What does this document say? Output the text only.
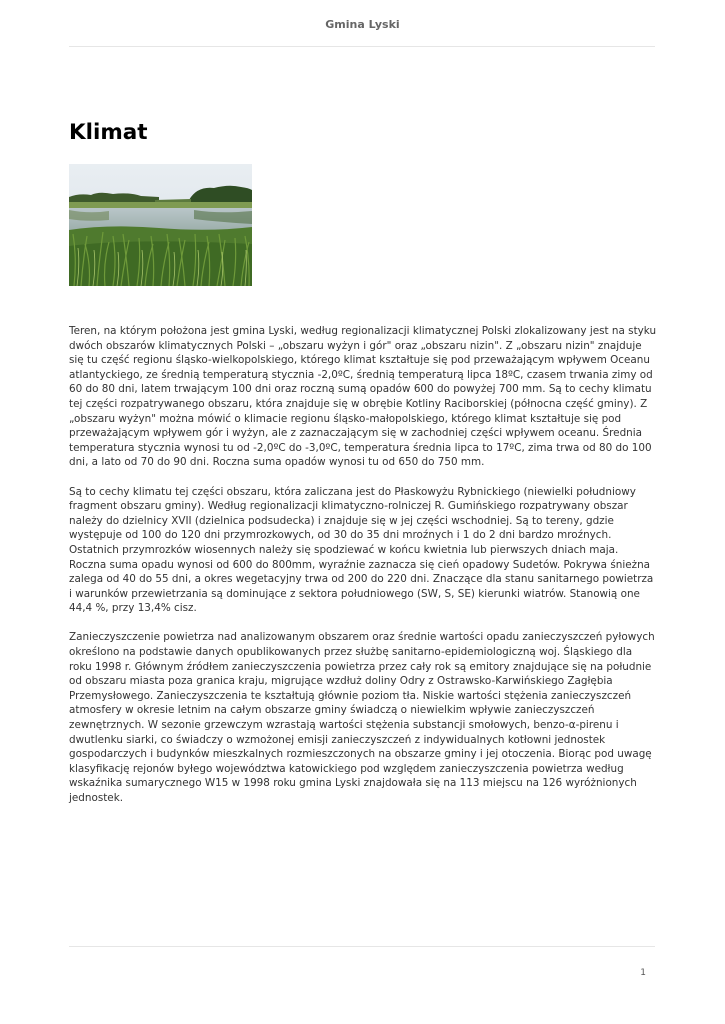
Gmina Lyski
Klimat

Teren, na którym położona jest gmina Lyski, według regionalizacji klimatycznej Polski zlokalizowany jest na styku dwóch obszarów klimatycznych Polski – „obszaru wyżyn i gór" oraz „obszaru nizin". Z „obszaru nizin" znajduje się tu część regionu śląsko-wielkopolskiego, którego klimat kształtuje się pod przeważającym wpływem Oceanu atlantyckiego, ze średnią temperaturą stycznia -2,0ºC, średnią temperaturą lipca 18ºC, czasem trwania zimy od 60 do 80 dni, latem trwającym 100 dni oraz roczną sumą opadów 600 do powyżej 700 mm. Są to cechy klimatu tej części rozpatrywanego obszaru, która znajduje się w obrębie Kotliny Raciborskiej (północna część gminy). Z „obszaru wyżyn" można mówić o klimacie regionu śląsko-małopolskiego, którego klimat kształtuje się pod przeważającym wpływem gór i wyżyn, ale z zaznaczającym się w zachodniej części wpływem oceanu. Średnia temperatura stycznia wynosi tu od -2,0ºC do -3,0ºC, temperatura średnia lipca to 17ºC, zima trwa od 80 do 100 dni, a lato od 70 do 90 dni. Roczna suma opadów wynosi tu od 650 do 750 mm.

Są to cechy klimatu tej części obszaru, która zaliczana jest do Płaskowyżu Rybnickiego (niewielki południowy fragment obszaru gminy). Według regionalizacji klimatyczno-rolniczej R. Gumińskiego rozpatrywany obszar należy do dzielnicy XVII (dzielnica podsudecka) i znajduje się w jej części wschodniej. Są to tereny, gdzie występuje od 100 do 120 dni przymrozkowych, od 30 do 35 dni mroźnych i 1 do 2 dni bardzo mroźnych. Ostatnich przymrozków wiosennych należy się spodziewać w końcu kwietnia lub pierwszych dniach maja. Roczna suma opadu wynosi od 600 do 800mm, wyraźnie zaznacza się cień opadowy Sudetów. Pokrywa śnieżna zalega od 40 do 55 dni, a okres wegetacyjny trwa od 200 do 220 dni. Znaczące dla stanu sanitarnego powietrza i warunków przewietrzania są dominujące z sektora południowego (SW, S, SE) kierunki wiatrów. Stanowią one 44,4 %, przy 13,4% cisz.

Zanieczyszczenie powietrza nad analizowanym obszarem oraz średnie wartości opadu zanieczyszczeń pyłowych określono na podstawie danych opublikowanych przez służbę sanitarno-epidemiologiczną woj. Śląskiego dla roku 1998 r. Głównym źródłem zanieczyszczenia powietrza przez cały rok są emitory znajdujące się na południe od obszaru miasta poza granica kraju, migrujące wzdłuż doliny Odry z Ostrawsko-Karwińskiego Zagłębia Przemysłowego. Zanieczyszczenia te kształtują głównie poziom tła. Niskie wartości stężenia zanieczyszczeń atmosfery w okresie letnim na całym obszarze gminy świadczą o niewielkim wpływie zanieczyszczeń zewnętrznych. W sezonie grzewczym wzrastają wartości stężenia substancji smołowych, benzo-α-pirenu i dwutlenku siarki, co świadczy o wzmożonej emisji zanieczyszczeń z indywidualnych kotłowni jednostek gospodarczych i budynków mieszkalnych rozmieszczonych na obszarze gminy i jej otoczenia. Biorąc pod uwagę klasyfikację rejonów byłego województwa katowickiego pod względem zanieczyszczenia powietrza według wskaźnika sumarycznego W15 w 1998 roku gmina Lyski znajdowała się na 113 miejscu na 126 wyróżnionych jednostek.

1
